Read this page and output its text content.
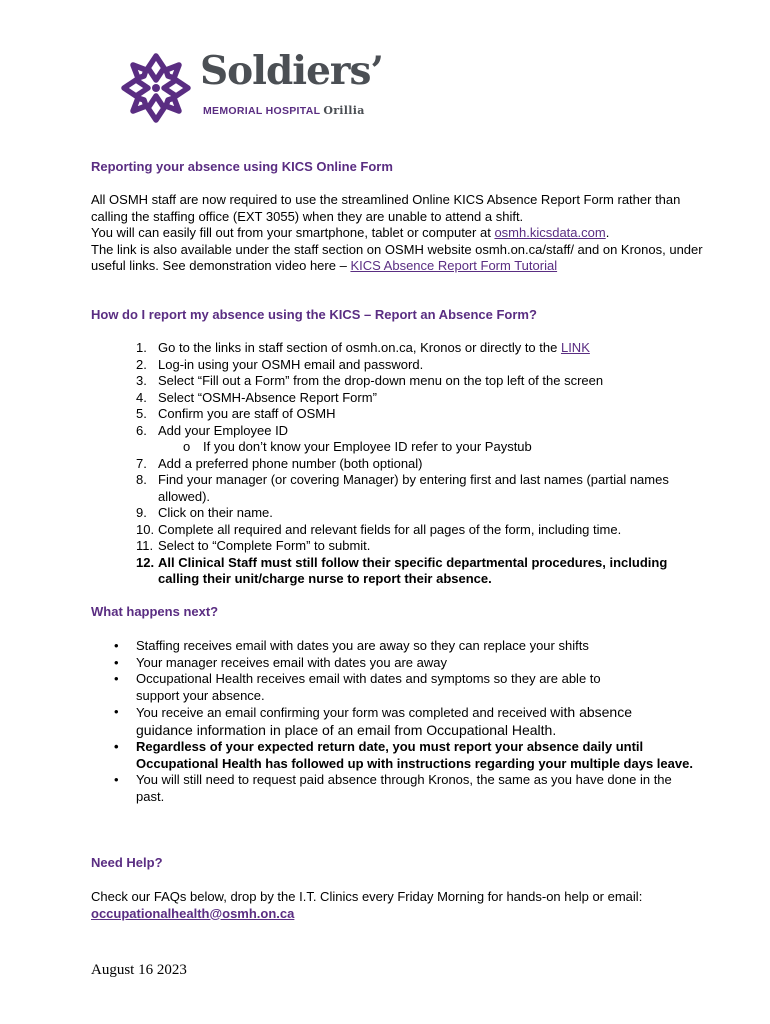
Soldiers’
MEMORIAL HOSPITAL Orillia
Reporting your absence using KICS Online Form
All OSMH staff are now required to use the streamlined Online KICS Absence Report Form rather than calling the staffing office (EXT 3055) when they are unable to attend a shift.
You will can easily fill out from your smartphone, tablet or computer at osmh.kicsdata.com.
The link is also available under the staff section on OSMH website osmh.on.ca/staff/ and on Kronos, under useful links. See demonstration video here – KICS Absence Report Form Tutorial
How do I report my absence using the KICS – Report an Absence Form?
1. Go to the links in staff section of osmh.on.ca, Kronos or directly to the LINK
2. Log-in using your OSMH email and password.
3. Select “Fill out a Form” from the drop-down menu on the top left of the screen
4. Select “OSMH-Absence Report Form”
5. Confirm you are staff of OSMH
6. Add your Employee ID
o If you don’t know your Employee ID refer to your Paystub
7. Add a preferred phone number (both optional)
8. Find your manager (or covering Manager) by entering first and last names (partial names allowed).
9. Click on their name.
10. Complete all required and relevant fields for all pages of the form, including time.
11. Select to “Complete Form” to submit.
12. All Clinical Staff must still follow their specific departmental procedures, including calling their unit/charge nurse to report their absence.
What happens next?
• Staffing receives email with dates you are away so they can replace your shifts
• Your manager receives email with dates you are away
• Occupational Health receives email with dates and symptoms so they are able to support your absence.
• You receive an email confirming your form was completed and received with absence guidance information in place of an email from Occupational Health.
• Regardless of your expected return date, you must report your absence daily until Occupational Health has followed up with instructions regarding your multiple days leave.
• You will still need to request paid absence through Kronos, the same as you have done in the past.
Need Help?
Check our FAQs below, drop by the I.T. Clinics every Friday Morning for hands-on help or email:
occupationalhealth@osmh.on.ca
August 16 2023
